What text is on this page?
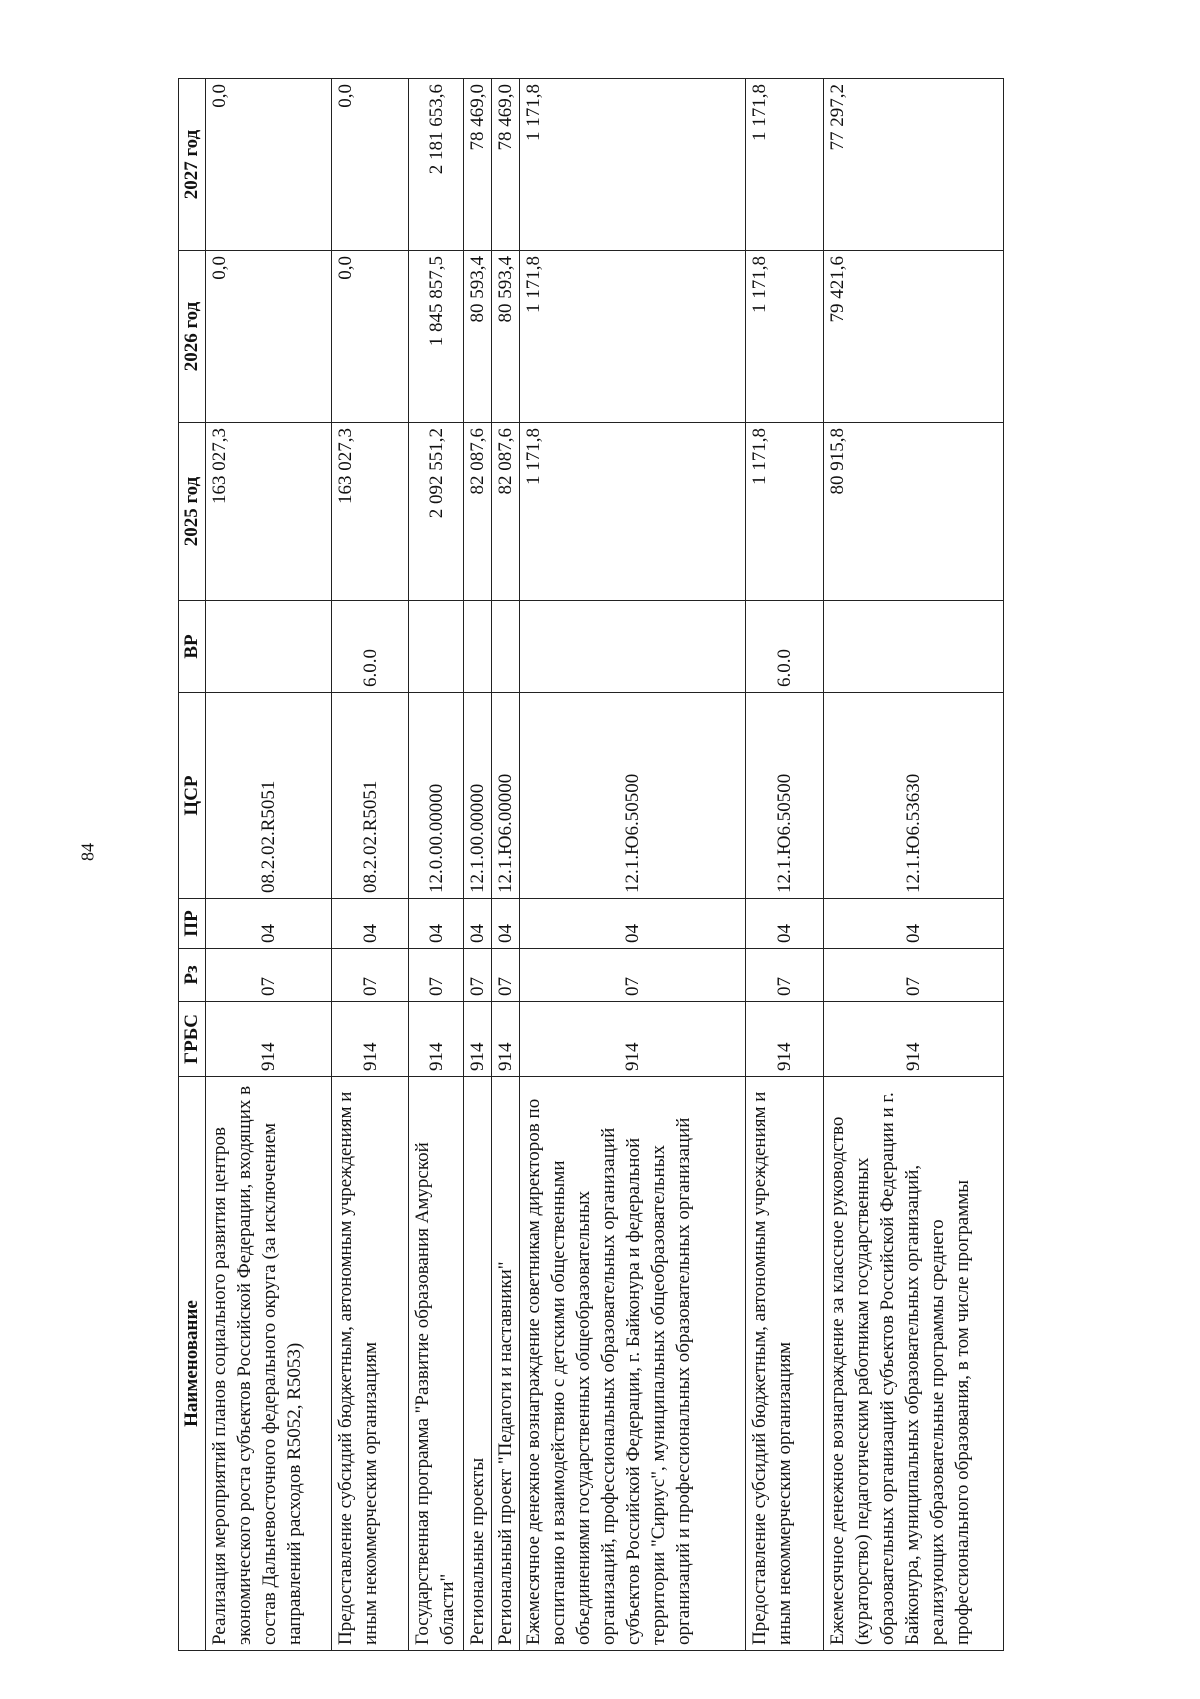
84
Наименование	ГРБС	Рз	ПР	ЦСР	ВР	2025 год	2026 год	2027 год
Реализация мероприятий планов социального развития центров экономического роста субъектов Российской Федерации, входящих в состав Дальневосточного федерального округа (за исключением направлений расходов R5052, R5053)	914	07	04	08.2.02.R5051		163 027,3	0,0	0,0
Предоставление субсидий бюджетным, автономным учреждениям и иным некоммерческим организациям	914	07	04	08.2.02.R5051	6.0.0	163 027,3	0,0	0,0
Государственная программа "Развитие образования Амурской области"	914	07	04	12.0.00.00000		2 092 551,2	1 845 857,5	2 181 653,6
Региональные проекты	914	07	04	12.1.00.00000		82 087,6	80 593,4	78 469,0
Региональный проект "Педагоги и наставники"	914	07	04	12.1.Ю6.00000		82 087,6	80 593,4	78 469,0
Ежемесячное денежное вознаграждение советникам директоров по воспитанию и взаимодействию с детскими общественными объединениями государственных общеобразовательных организаций, профессиональных образовательных организаций субъектов Российской Федерации, г. Байконура и федеральной территории "Сириус", муниципальных общеобразовательных организаций и профессиональных образовательных организаций	914	07	04	12.1.Ю6.50500		1 171,8	1 171,8	1 171,8
Предоставление субсидий бюджетным, автономным учреждениям и иным некоммерческим организациям	914	07	04	12.1.Ю6.50500	6.0.0	1 171,8	1 171,8	1 171,8
Ежемесячное денежное вознаграждение за классное руководство (кураторство) педагогическим работникам государственных образовательных организаций субъектов Российской Федерации и г. Байконура, муниципальных образовательных организаций, реализующих образовательные программы среднего профессионального образования, в том числе программы	914	07	04	12.1.Ю6.53630		80 915,8	79 421,6	77 297,2
